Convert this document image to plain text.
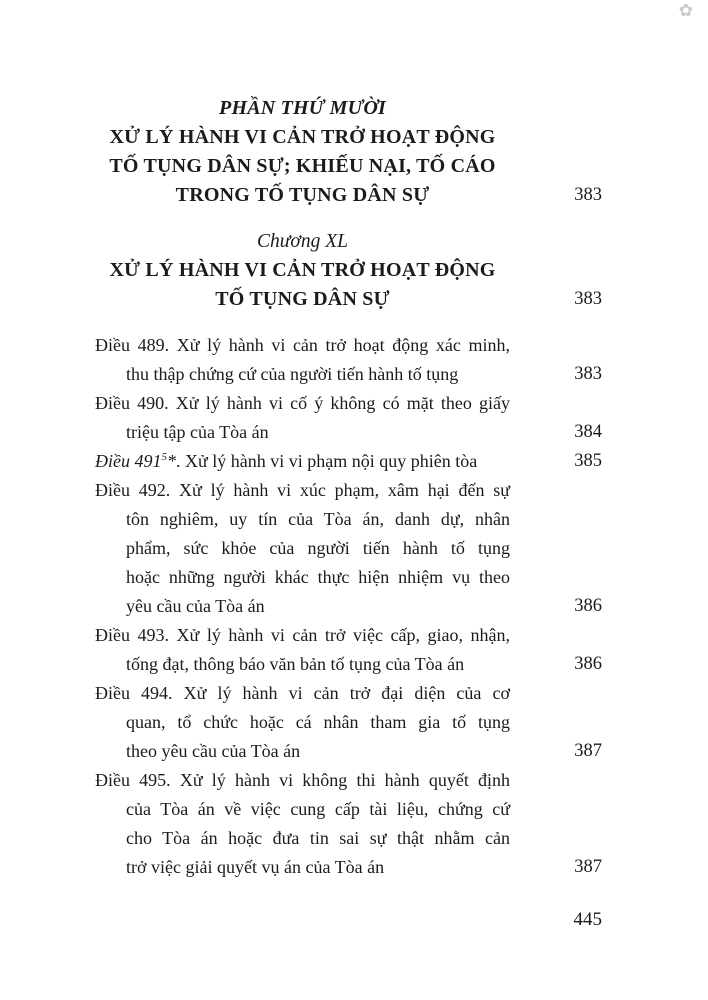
✿
PHẦN THỨ MƯỜI
XỬ LÝ HÀNH VI CẢN TRỞ HOẠT ĐỘNG
TỐ TỤNG DÂN SỰ; KHIẾU NẠI, TỐ CÁO
TRONG TỐ TỤNG DÂN SỰ	383
Chương XL
XỬ LÝ HÀNH VI CẢN TRỞ HOẠT ĐỘNG
TỐ TỤNG DÂN SỰ	383
Điều 489. Xử lý hành vi cản trở hoạt động xác minh,
thu thập chứng cứ của người tiến hành tố tụng	383
Điều 490. Xử lý hành vi cố ý không có mặt theo giấy
triệu tập của Tòa án	384
Điều $491^5*$. Xử lý hành vi vi phạm nội quy phiên tòa	385
Điều 492. Xử lý hành vi xúc phạm, xâm hại đến sự
tôn nghiêm, uy tín của Tòa án, danh dự, nhân
phẩm, sức khỏe của người tiến hành tố tụng
hoặc những người khác thực hiện nhiệm vụ theo
yêu cầu của Tòa án	386
Điều 493. Xử lý hành vi cản trở việc cấp, giao, nhận,
tống đạt, thông báo văn bản tố tụng của Tòa án	386
Điều 494. Xử lý hành vi cản trở đại diện của cơ
quan, tổ chức hoặc cá nhân tham gia tố tụng
theo yêu cầu của Tòa án	387
Điều 495. Xử lý hành vi không thi hành quyết định
của Tòa án về việc cung cấp tài liệu, chứng cứ
cho Tòa án hoặc đưa tin sai sự thật nhằm cản
trở việc giải quyết vụ án của Tòa án	387
445
